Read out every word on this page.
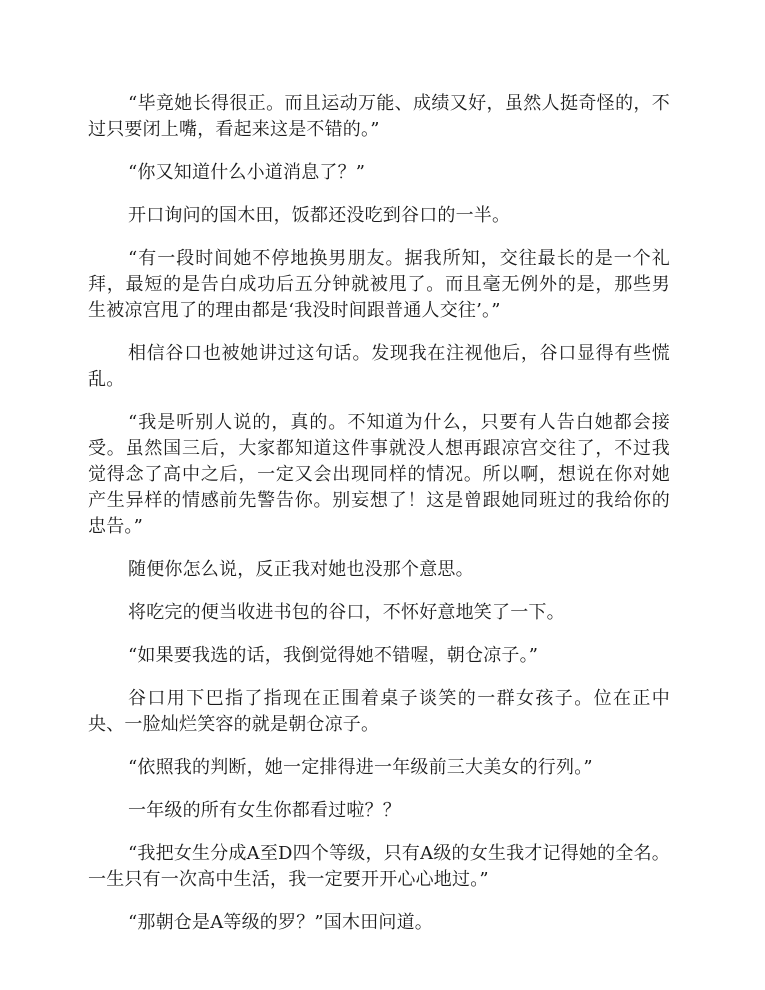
“毕竟她长得很正。而且运动万能、成绩又好，虽然人挺奇怪的，不过只要闭上嘴，看起来这是不错的。”

“你又知道什么小道消息了？”

开口询问的国木田，饭都还没吃到谷口的一半。

“有一段时间她不停地换男朋友。据我所知，交往最长的是一个礼拜，最短的是告白成功后五分钟就被甩了。而且毫无例外的是，那些男生被凉宫甩了的理由都是‘我没时间跟普通人交往’。”

相信谷口也被她讲过这句话。发现我在注视他后，谷口显得有些慌乱。

“我是听别人说的，真的。不知道为什么，只要有人告白她都会接受。虽然国三后，大家都知道这件事就没人想再跟凉宫交往了，不过我觉得念了高中之后，一定又会出现同样的情况。所以啊，想说在你对她产生异样的情感前先警告你。别妄想了！这是曾跟她同班过的我给你的忠告。”

随便你怎么说，反正我对她也没那个意思。

将吃完的便当收进书包的谷口，不怀好意地笑了一下。

“如果要我选的话，我倒觉得她不错喔，朝仓凉子。”

谷口用下巴指了指现在正围着桌子谈笑的一群女孩子。位在正中央、一脸灿烂笑容的就是朝仓凉子。

“依照我的判断，她一定排得进一年级前三大美女的行列。”

一年级的所有女生你都看过啦？？

“我把女生分成A至D四个等级，只有A级的女生我才记得她的全名。一生只有一次高中生活，我一定要开开心心地过。”

“那朝仓是A等级的罗？”国木田问道。
